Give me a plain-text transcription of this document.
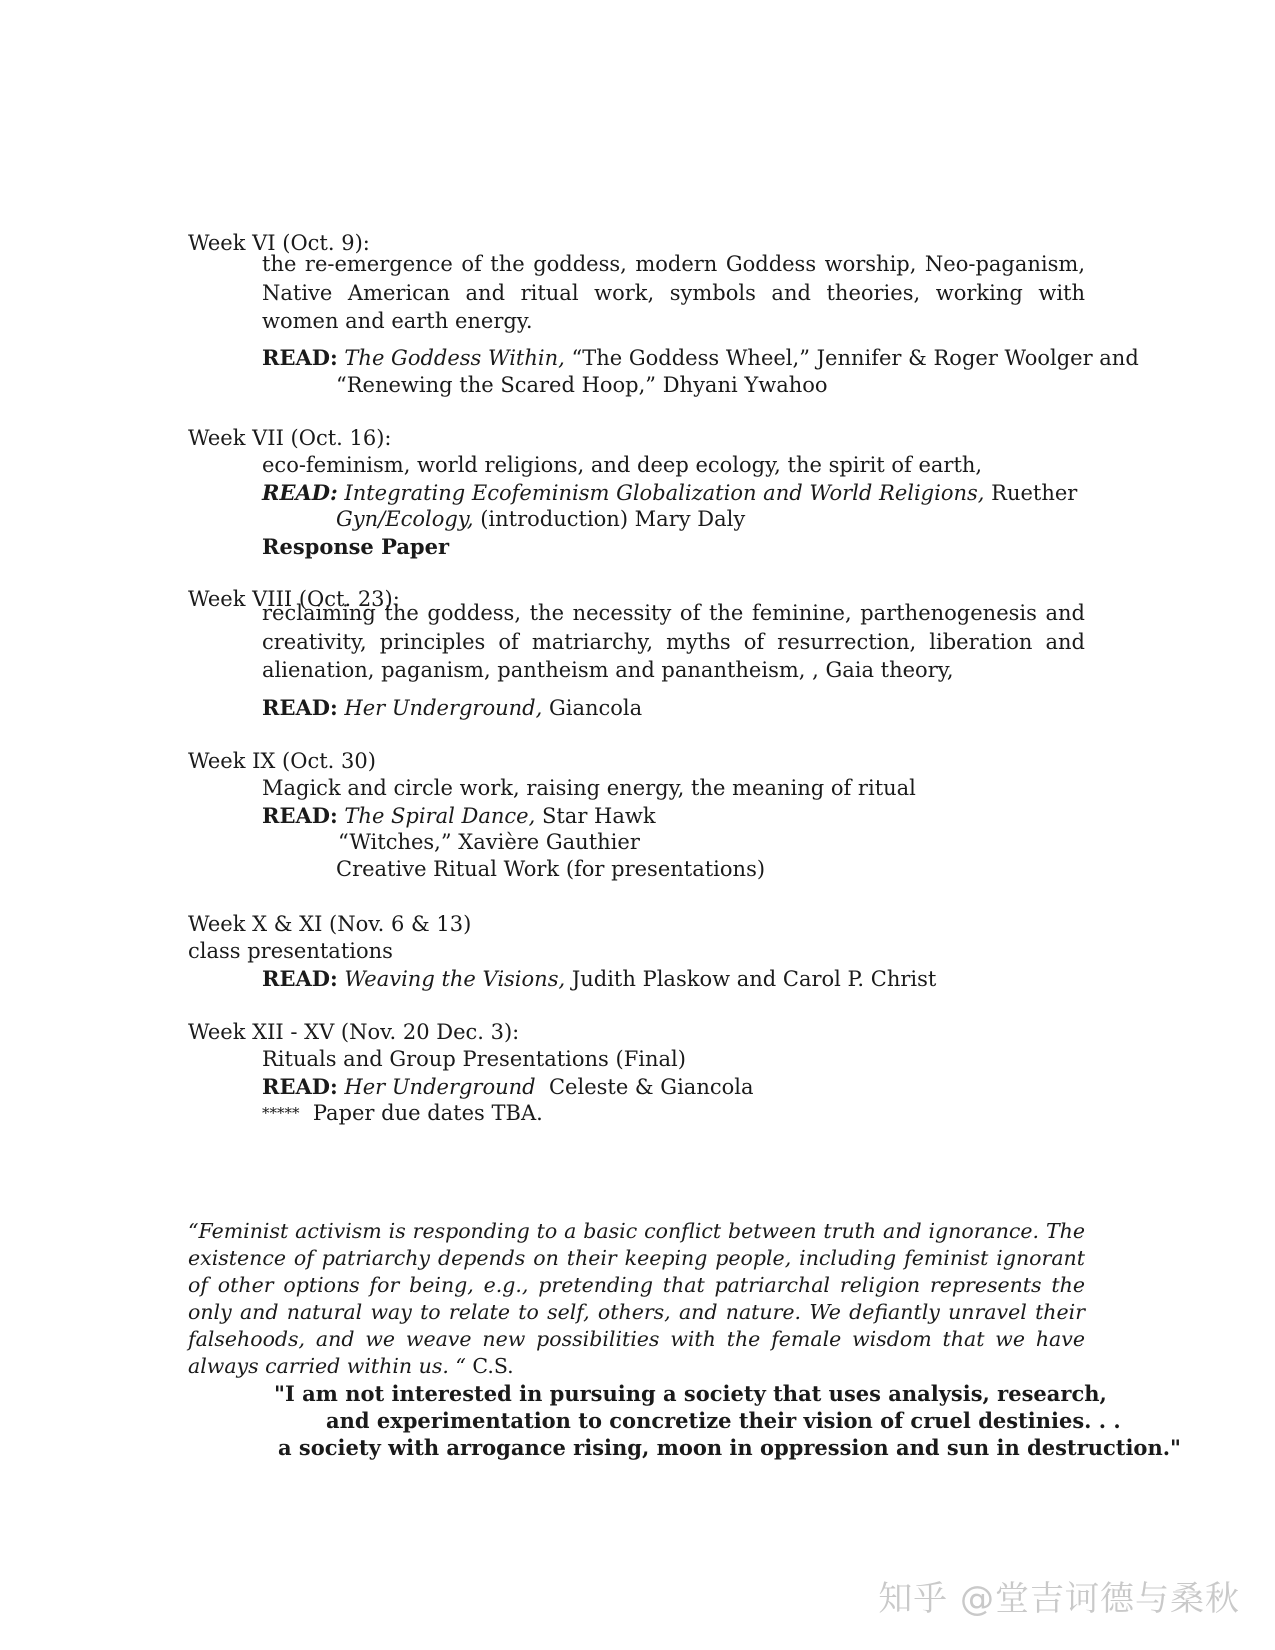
Week VI (Oct. 9):
the re-emergence of the goddess, modern Goddess worship, Neo-paganism, Native American and ritual work, symbols and theories, working with women and earth energy.
READ: The Goddess Within, “The Goddess Wheel,” Jennifer & Roger Woolger and
“Renewing the Scared Hoop,” Dhyani Ywahoo
Week VII (Oct. 16):
eco-feminism, world religions, and deep ecology, the spirit of earth,
READ: Integrating Ecofeminism Globalization and World Religions, Ruether
Gyn/Ecology, (introduction) Mary Daly
Response Paper
Week VIII (Oct. 23):
reclaiming the goddess, the necessity of the feminine, parthenogenesis and creativity, principles of matriarchy, myths of resurrection, liberation and alienation, paganism, pantheism and panantheism, , Gaia theory,
READ: Her Underground, Giancola
Week IX (Oct. 30)
Magick and circle work, raising energy, the meaning of ritual
READ: The Spiral Dance, Star Hawk
“Witches,” Xavière Gauthier
Creative Ritual Work (for presentations)
Week X & XI (Nov. 6 & 13)
class presentations
READ: Weaving the Visions, Judith Plaskow and Carol P. Christ
Week XII - XV (Nov. 20 Dec. 3):
Rituals and Group Presentations (Final)
READ: Her Underground  Celeste & Giancola
***** Paper due dates TBA.
“Feminist activism is responding to a basic conflict between truth and ignorance. The existence of patriarchy depends on their keeping people, including feminist ignorant of other options for being, e.g., pretending that patriarchal religion represents the only and natural way to relate to self, others, and nature. We defiantly unravel their falsehoods, and we weave new possibilities with the female wisdom that we have always carried within us. “ C.S.
"I am not interested in pursuing a society that uses analysis, research,
and experimentation to concretize their vision of cruel destinies. . .
a society with arrogance rising, moon in oppression and sun in destruction."
知乎 @堂吉诃德与桑秋
